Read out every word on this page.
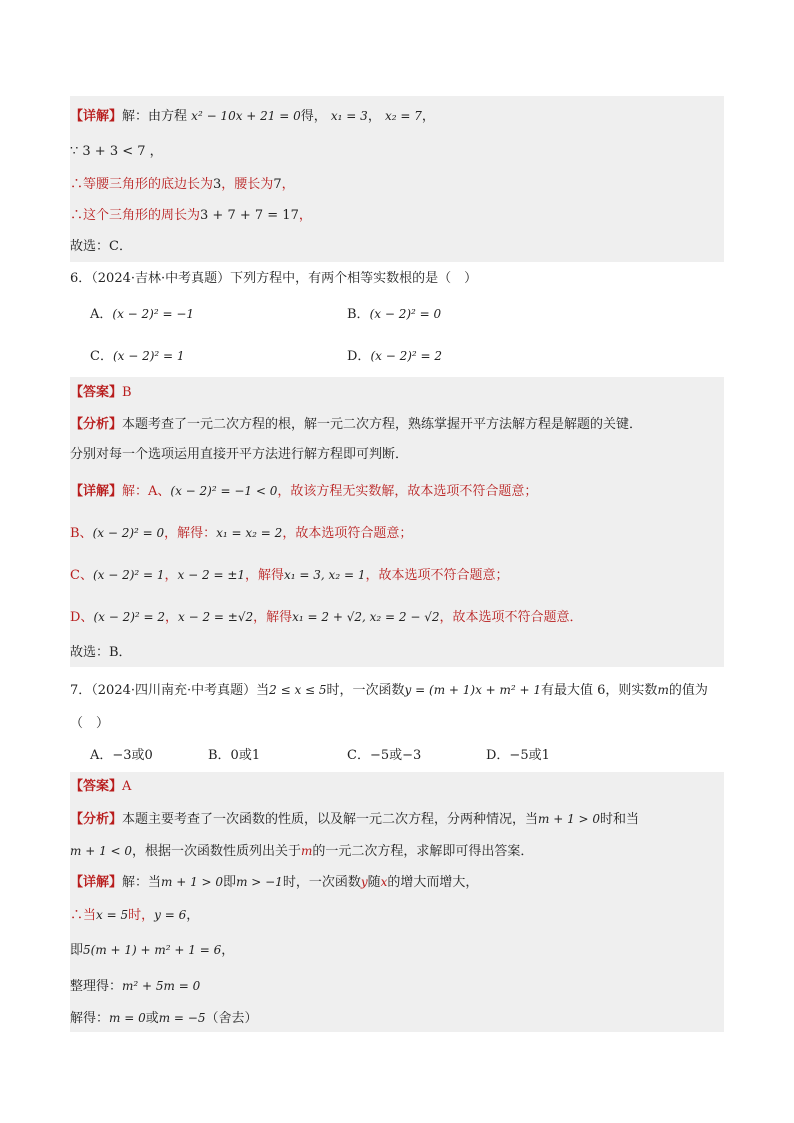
【详解】解：由方程 x² − 10x + 21 = 0得， x₁ = 3， x₂ = 7，
∵ 3 + 3 < 7 ，
∴等腰三角形的底边长为3，腰长为7，
∴这个三角形的周长为3 + 7 + 7 = 17，
故选：C．
6．（2024·吉林·中考真题）下列方程中，有两个相等实数根的是（　）
A．(x − 2)² = −1	B．(x − 2)² = 0
C．(x − 2)² = 1	D．(x − 2)² = 2
【答案】B
【分析】本题考查了一元二次方程的根，解一元二次方程，熟练掌握开平方法解方程是解题的关键．
分别对每一个选项运用直接开平方法进行解方程即可判断．
【详解】解：A、(x − 2)² = −1 < 0，故该方程无实数解，故本选项不符合题意；
B、(x − 2)² = 0，解得：x₁ = x₂ = 2，故本选项符合题意；
C、(x − 2)² = 1，x − 2 = ±1，解得x₁ = 3, x₂ = 1，故本选项不符合题意；
D、(x − 2)² = 2，x − 2 = ±√2，解得x₁ = 2 + √2, x₂ = 2 − √2，故本选项不符合题意．
故选：B．
7．（2024·四川南充·中考真题）当2 ≤ x ≤ 5时，一次函数y = (m + 1)x + m² + 1有最大值 6，则实数m的值为
（　）
A．−3或0	B．0或1	C．−5或−3	D．−5或1
【答案】A
【分析】本题主要考查了一次函数的性质，以及解一元二次方程，分两种情况，当m + 1 > 0时和当
m + 1 < 0，根据一次函数性质列出关于m的一元二次方程，求解即可得出答案．
【详解】解：当m + 1 > 0即m > −1时，一次函数y随x的增大而增大，
∴当x = 5时，y = 6，
即5(m + 1) + m² + 1 = 6，
整理得：m² + 5m = 0
解得：m = 0或m = −5（舍去）
